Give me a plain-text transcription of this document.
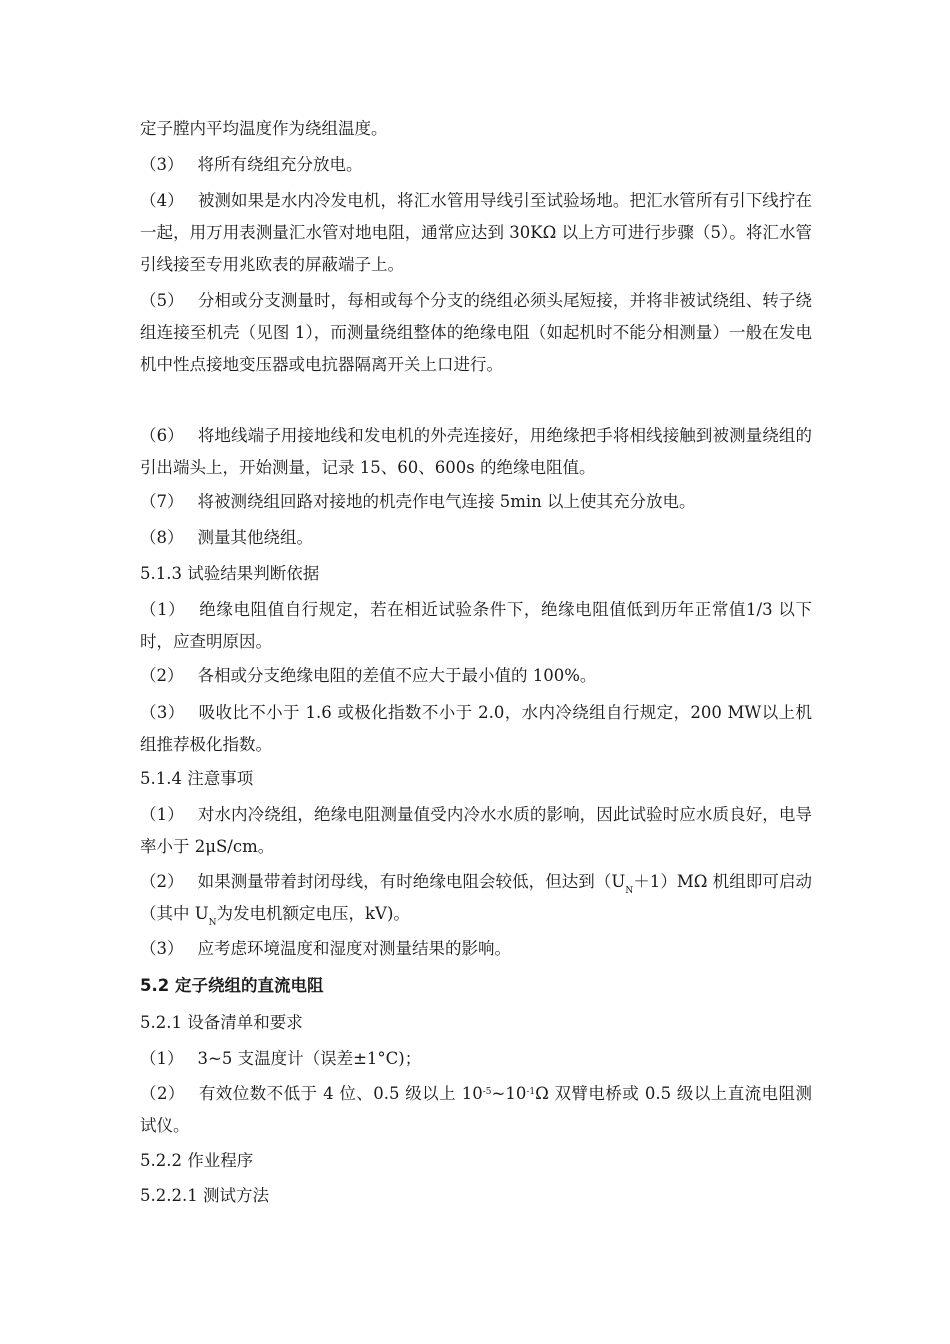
定子膛内平均温度作为绕组温度。

（3） 将所有绕组充分放电。

（4） 被测如果是水内冷发电机，将汇水管用导线引至试验场地。把汇水管所有引下线拧在一起，用万用表测量汇水管对地电阻，通常应达到 30KΩ 以上方可进行步骤（5）。将汇水管引线接至专用兆欧表的屏蔽端子上。

（5） 分相或分支测量时，每相或每个分支的绕组必须头尾短接，并将非被试绕组、转子绕组连接至机壳（见图 1），而测量绕组整体的绝缘电阻（如起机时不能分相测量）一般在发电机中性点接地变压器或电抗器隔离开关上口进行。

（6） 将地线端子用接地线和发电机的外壳连接好，用绝缘把手将相线接触到被测量绕组的引出端头上，开始测量，记录 15、60、600s 的绝缘电阻值。

（7） 将被测绕组回路对接地的机壳作电气连接 5min 以上使其充分放电。

（8） 测量其他绕组。

5.1.3 试验结果判断依据

（1） 绝缘电阻值自行规定，若在相近试验条件下，绝缘电阻值低到历年正常值1/3 以下时，应查明原因。

（2） 各相或分支绝缘电阻的差值不应大于最小值的 100%。

（3） 吸收比不小于 1.6 或极化指数不小于 2.0，水内冷绕组自行规定，200 MW以上机组推荐极化指数。

5.1.4 注意事项

（1） 对水内冷绕组，绝缘电阻测量值受内冷水水质的影响，因此试验时应水质良好，电导率小于 2μS/cm。

（2） 如果测量带着封闭母线，有时绝缘电阻会较低，但达到$(U_N+1)M\Omega$ 机组即可启动（其中 $U_N$为发电机额定电压，kV)。

（3） 应考虑环境温度和湿度对测量结果的影响。

5.2 定子绕组的直流电阻

5.2.1 设备清单和要求

（1） 3~5 支温度计（误差±1°C)；

（2） 有效位数不低于 4 位、0.5 级以上 $10^{-5}\sim 10^{-1}\Omega$ 双臂电桥或 0.5 级以上直流电阻测试仪。

5.2.2 作业程序

5.2.2.1 测试方法
